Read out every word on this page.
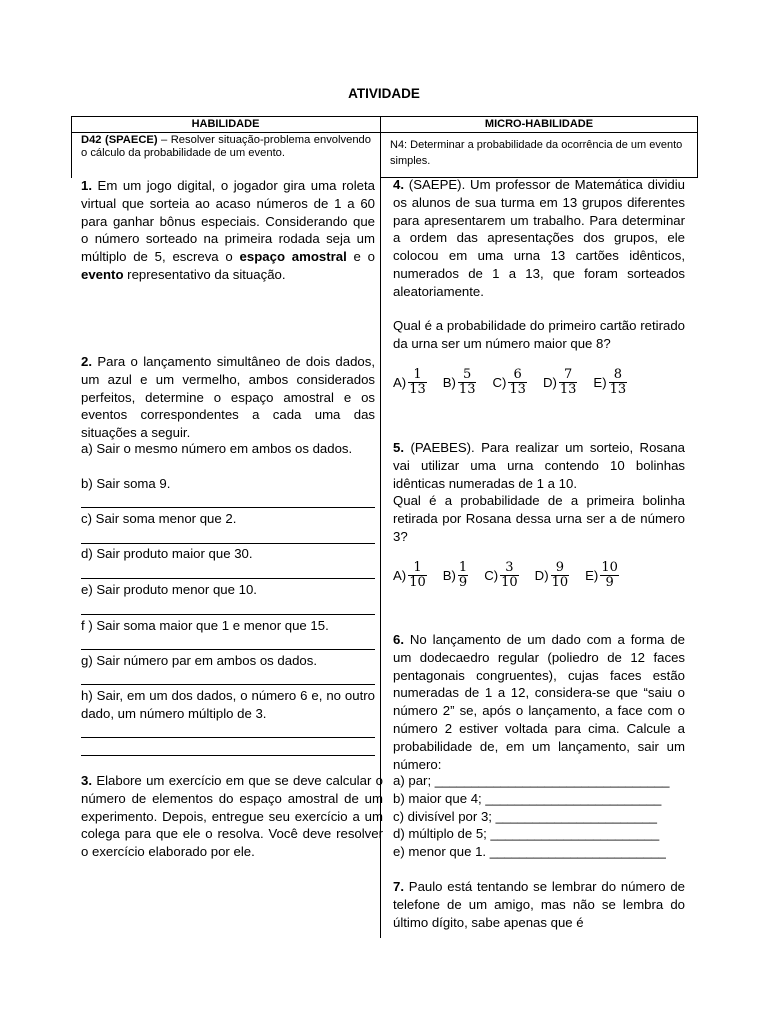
ATIVIDADE
HABILIDADE	MICRO-HABILIDADE
D42 (SPAECE) – Resolver situação-problema envolvendo o cálculo da probabilidade de um evento.
N4: Determinar a probabilidade da ocorrência de um evento simples.

1. Em um jogo digital, o jogador gira uma roleta virtual que sorteia ao acaso números de 1 a 60 para ganhar bônus especiais. Considerando que o número sorteado na primeira rodada seja um múltiplo de 5, escreva o espaço amostral e o evento representativo da situação.

2. Para o lançamento simultâneo de dois dados, um azul e um vermelho, ambos considerados perfeitos, determine o espaço amostral e os eventos correspondentes a cada uma das situações a seguir.

a) Sair o mesmo número em ambos os dados.

b) Sair soma 9.

c) Sair soma menor que 2.

d) Sair produto maior que 30.

e) Sair produto menor que 10.

f ) Sair soma maior que 1 e menor que 15.

g) Sair número par em ambos os dados.

h) Sair, em um dos dados, o número 6 e, no outro dado, um número múltiplo de 3.

3. Elabore um exercício em que se deve calcular o número de elementos do espaço amostral de um experimento. Depois, entregue seu exercício a um colega para que ele o resolva. Você deve resolver o exercício elaborado por ele.

4. (SAEPE). Um professor de Matemática dividiu os alunos de sua turma em 13 grupos diferentes para apresentarem um trabalho. Para determinar a ordem das apresentações dos grupos, ele colocou em uma urna 13 cartões idênticos, numerados de 1 a 13, que foram sorteados aleatoriamente.

Qual é a probabilidade do primeiro cartão retirado da urna ser um número maior que 8?

$A) \frac{1}{13} B) \frac{5}{13} C) \frac{6}{13} D) \frac{7}{13} E) \frac{8}{13}$

5. (PAEBES). Para realizar um sorteio, Rosana vai utilizar uma urna contendo 10 bolinhas idênticas numeradas de 1 a 10.

Qual é a probabilidade de a primeira bolinha retirada por Rosana dessa urna ser a de número 3?

$A) \frac{1}{10} B) \frac{1}{9} C) \frac{3}{10} D) \frac{9}{10} E) \frac{10}{9}$

6. No lançamento de um dado com a forma de um dodecaedro regular (poliedro de 12 faces pentagonais congruentes), cujas faces estão numeradas de 1 a 12, considera-se que “saiu o número 2” se, após o lançamento, a face com o número 2 estiver voltada para cima. Calcule a probabilidade de, em um lançamento, sair um número:

a) par; ________________________________
b) maior que 4; ________________________
c) divisível por 3; ______________________
d) múltiplo de 5; _______________________
e) menor que 1. ________________________

7. Paulo está tentando se lembrar do número de telefone de um amigo, mas não se lembra do último dígito, sabe apenas que é
